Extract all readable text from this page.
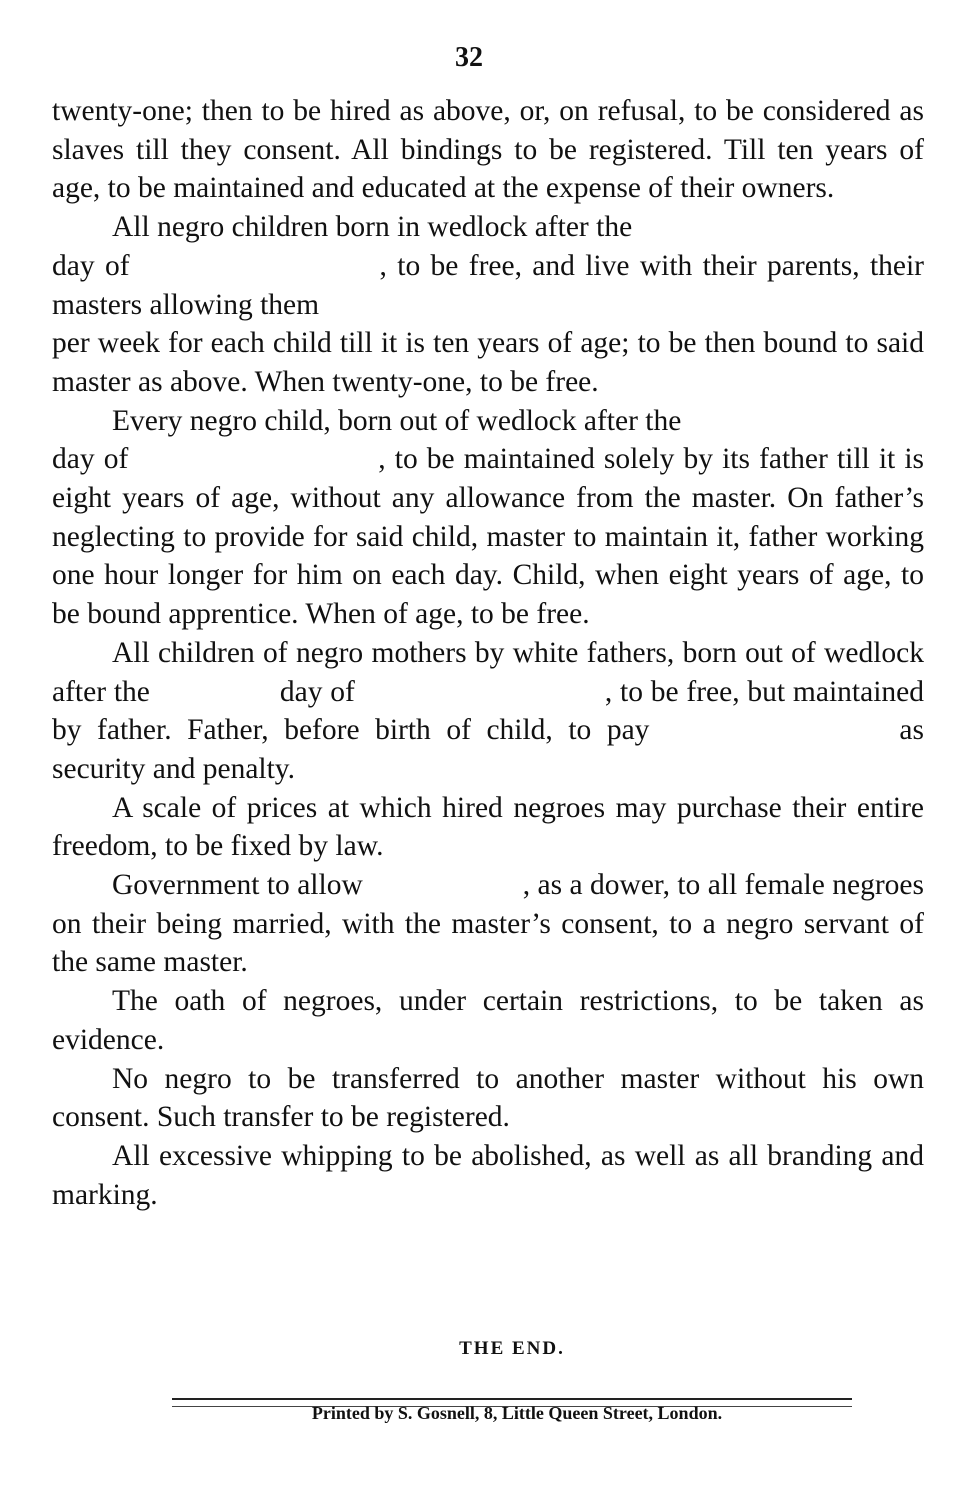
32

twenty-one; then to be hired as above, or, on refusal, to be considered as slaves till they consent. All bindings to be registered. Till ten years of age, to be maintained and educated at the expense of their owners.

All negro children born in wedlock after the
day of	, to be free, and live with their parents, their masters allowing them
per week for each child till it is ten years of age; to be then bound to said master as above. When twenty-one, to be free.

Every negro child, born out of wedlock after the
day of	, to be maintained solely by its father till it is eight years of age, without any allowance from the master. On father’s neglecting to provide for said child, master to maintain it, father working one hour longer for him on each day. Child, when eight years of age, to be bound apprentice. When of age, to be free.

All children of negro mothers by white fathers, born out of wedlock after the	day of	, to be free, but maintained by father. Father, before birth of child, to pay	as security and penalty.

A scale of prices at which hired negroes may purchase their entire freedom, to be fixed by law.

Government to allow	, as a dower, to all female negroes on their being married, with the master’s consent, to a negro servant of the same master.

The oath of negroes, under certain restrictions, to be taken as evidence.

No negro to be transferred to another master without his own consent. Such transfer to be registered.

All excessive whipping to be abolished, as well as all branding and marking.

THE END.
Printed by S. Gosnell, 8, Little Queen Street, London.
